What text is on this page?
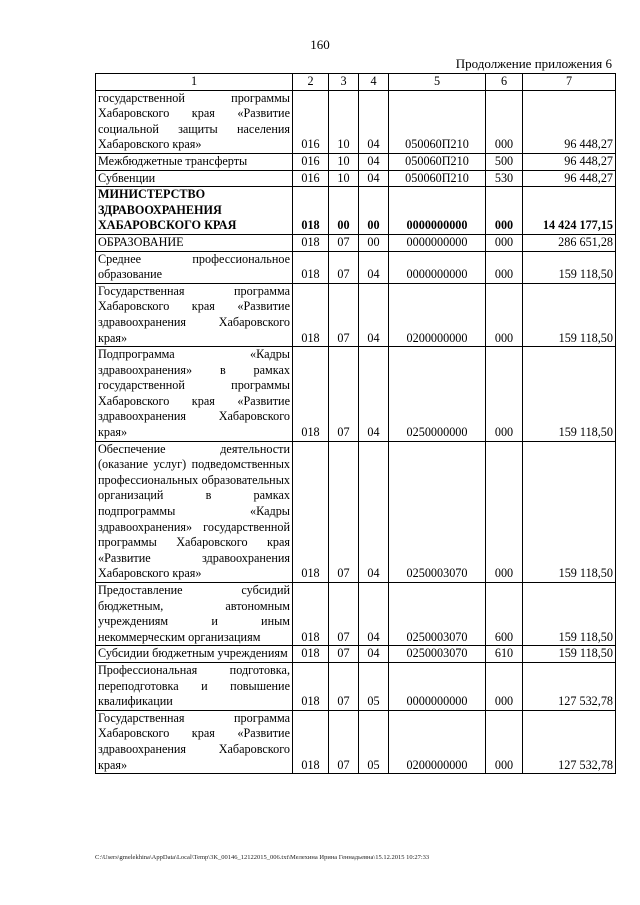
160
Продолжение приложения 6
1	2	3	4	5	6	7
государственной программы Хабаровского края «Развитие социальной защиты населения Хабаровского края»	016	10	04	050060П210	000	96 448,27
Межбюджетные трансферты	016	10	04	050060П210	500	96 448,27
Субвенции	016	10	04	050060П210	530	96 448,27
МИНИСТЕРСТВО ЗДРАВООХРАНЕНИЯ ХАБАРОВСКОГО КРАЯ	018	00	00	0000000000	000	14 424 177,15
ОБРАЗОВАНИЕ	018	07	00	0000000000	000	286 651,28
Среднее профессиональное образование	018	07	04	0000000000	000	159 118,50
Государственная программа Хабаровского края «Развитие здравоохранения Хабаровского края»	018	07	04	0200000000	000	159 118,50
Подпрограмма «Кадры здравоохранения» в рамках государственной программы Хабаровского края «Развитие здравоохранения Хабаровского края»	018	07	04	0250000000	000	159 118,50
Обеспечение деятельности (оказание услуг) подведомственных профессиональных образовательных организаций в рамках подпрограммы «Кадры здравоохранения» государственной программы Хабаровского края «Развитие здравоохранения Хабаровского края»	018	07	04	0250003070	000	159 118,50
Предоставление субсидий бюджетным, автономным учреждениям и иным некоммерческим организациям	018	07	04	0250003070	600	159 118,50
Субсидии бюджетным учреждениям	018	07	04	0250003070	610	159 118,50
Профессиональная подготовка, переподготовка и повышение квалификации	018	07	05	0000000000	000	127 532,78
Государственная программа Хабаровского края «Развитие здравоохранения Хабаровского края»	018	07	05	0200000000	000	127 532,78
C:\Users\gmelekhina\AppData\Local\Temp\3K_00146_12122015_006.txt\Мелехина Ирина Геннадьевна\15.12.2015 10:27:33
